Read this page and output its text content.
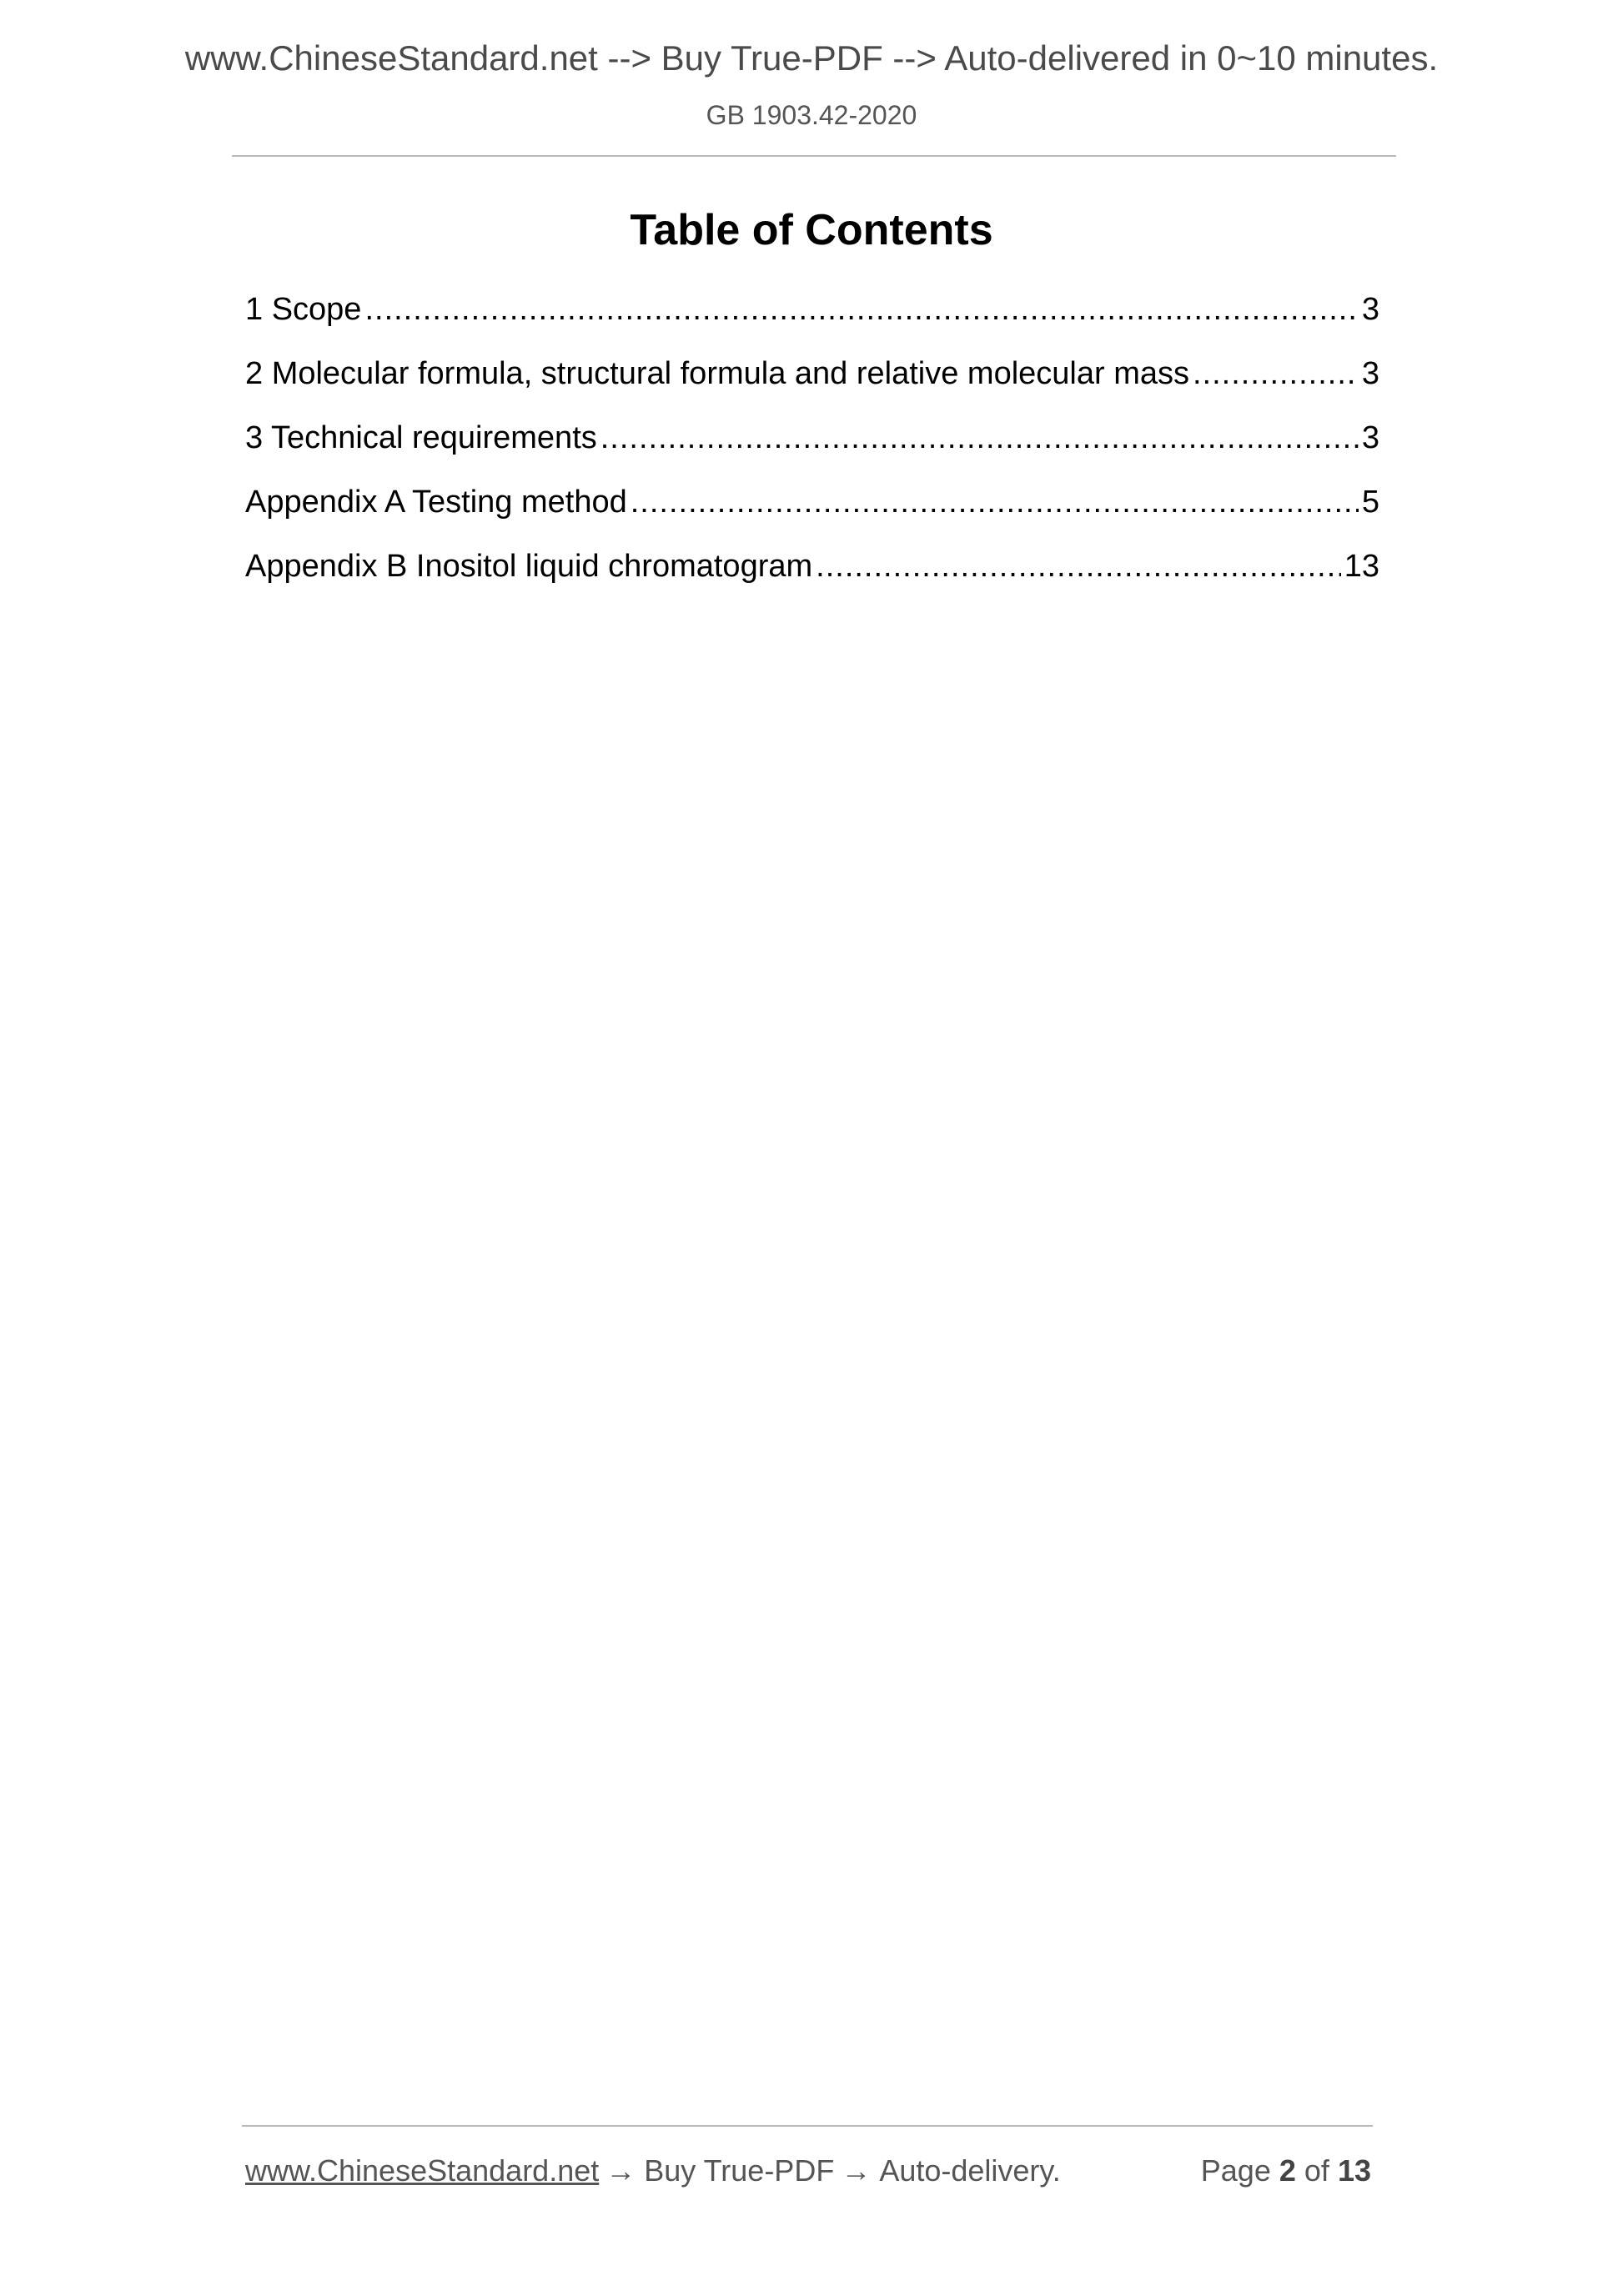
www.ChineseStandard.net --> Buy True-PDF --> Auto-delivered in 0~10 minutes.
GB 1903.42-2020
Table of Contents
1 Scope .....	3
2 Molecular formula, structural formula and relative molecular mass .....	3
3 Technical requirements .....	3
Appendix A Testing method .....	5
Appendix B Inositol liquid chromatogram .....	13
www.ChineseStandard.net → Buy True-PDF → Auto-delivery.	Page 2 of 13
